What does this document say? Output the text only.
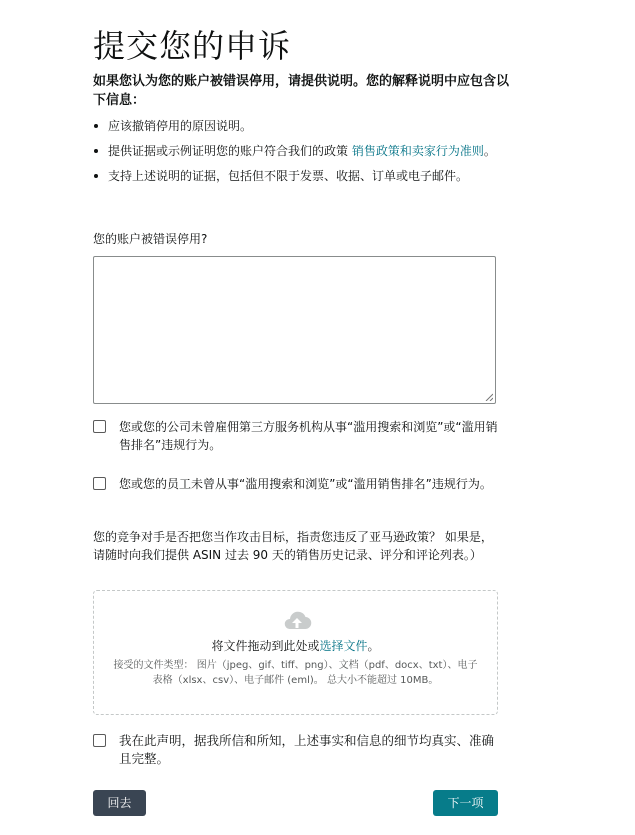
提交您的申诉
如果您认为您的账户被错误停用，请提供说明。您的解释说明中应包含以下信息：
应该撤销停用的原因说明。
提供证据或示例证明您的账户符合我们的政策 销售政策和卖家行为准则。
支持上述说明的证据，包括但不限于发票、收据、订单或电子邮件。
您的账户被错误停用?
您或您的公司未曾雇佣第三方服务机构从事“滥用搜索和浏览”或“滥用销售排名”违规行为。
您或您的员工未曾从事“滥用搜索和浏览”或“滥用销售排名”违规行为。
您的竞争对手是否把您当作攻击目标，指责您违反了亚马逊政策？ 如果是，请随时向我们提供 ASIN 过去 90 天的销售历史记录、评分和评论列表。）
将文件拖动到此处或选择文件。
接受的文件类型： 图片（jpeg、gif、tiff、png）、文档（pdf、docx、txt）、电子表格（xlsx、csv）、电子邮件 (eml)。 总大小不能超过 10MB。
我在此声明，据我所信和所知，上述事实和信息的细节均真实、准确且完整。
回去	下一项
